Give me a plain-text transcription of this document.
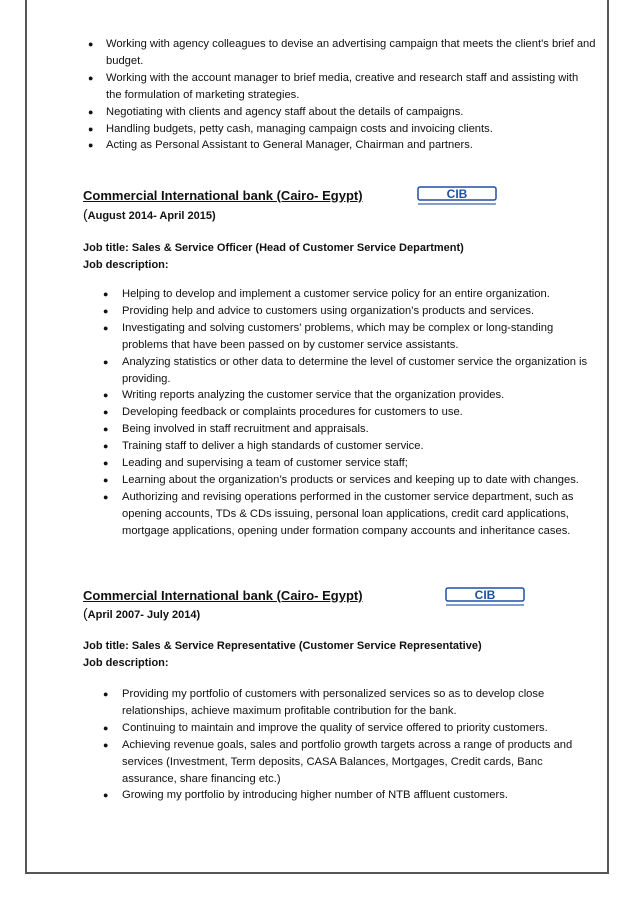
● Working with agency colleagues to devise an advertising campaign that meets the client's brief and budget.
● Working with the account manager to brief media, creative and research staff and assisting with the formulation of marketing strategies.
● Negotiating with clients and agency staff about the details of campaigns.
● Handling budgets, petty cash, managing campaign costs and invoicing clients.
● Acting as Personal Assistant to General Manager, Chairman and partners.
Commercial International bank (Cairo- Egypt)	CIB
(August 2014- April 2015)
Job title: Sales & Service Officer (Head of Customer Service Department)
Job description:
● Helping to develop and implement a customer service policy for an entire organization.
● Providing help and advice to customers using organization’s products and services.
● Investigating and solving customers' problems, which may be complex or long-standing problems that have been passed on by customer service assistants.
● Analyzing statistics or other data to determine the level of customer service the organization is providing.
● Writing reports analyzing the customer service that the organization provides.
● Developing feedback or complaints procedures for customers to use.
● Being involved in staff recruitment and appraisals.
● Training staff to deliver a high standards of customer service.
● Leading and supervising a team of customer service staff;
● Learning about the organization’s products or services and keeping up to date with changes.
● Authorizing and revising operations performed in the customer service department, such as opening accounts, TDs & CDs issuing, personal loan applications, credit card applications, mortgage applications, opening under formation company accounts and inheritance cases.
Commercial International bank (Cairo- Egypt)	CIB
(April 2007- July 2014)
Job title: Sales & Service Representative (Customer Service Representative)
Job description:
● Providing my portfolio of customers with personalized services so as to develop close relationships, achieve maximum profitable contribution for the bank.
● Continuing to maintain and improve the quality of service offered to priority customers.
● Achieving revenue goals, sales and portfolio growth targets across a range of products and services (Investment, Term deposits, CASA Balances, Mortgages, Credit cards, Banc assurance, share financing etc.)
● Growing my portfolio by introducing higher number of NTB affluent customers.
